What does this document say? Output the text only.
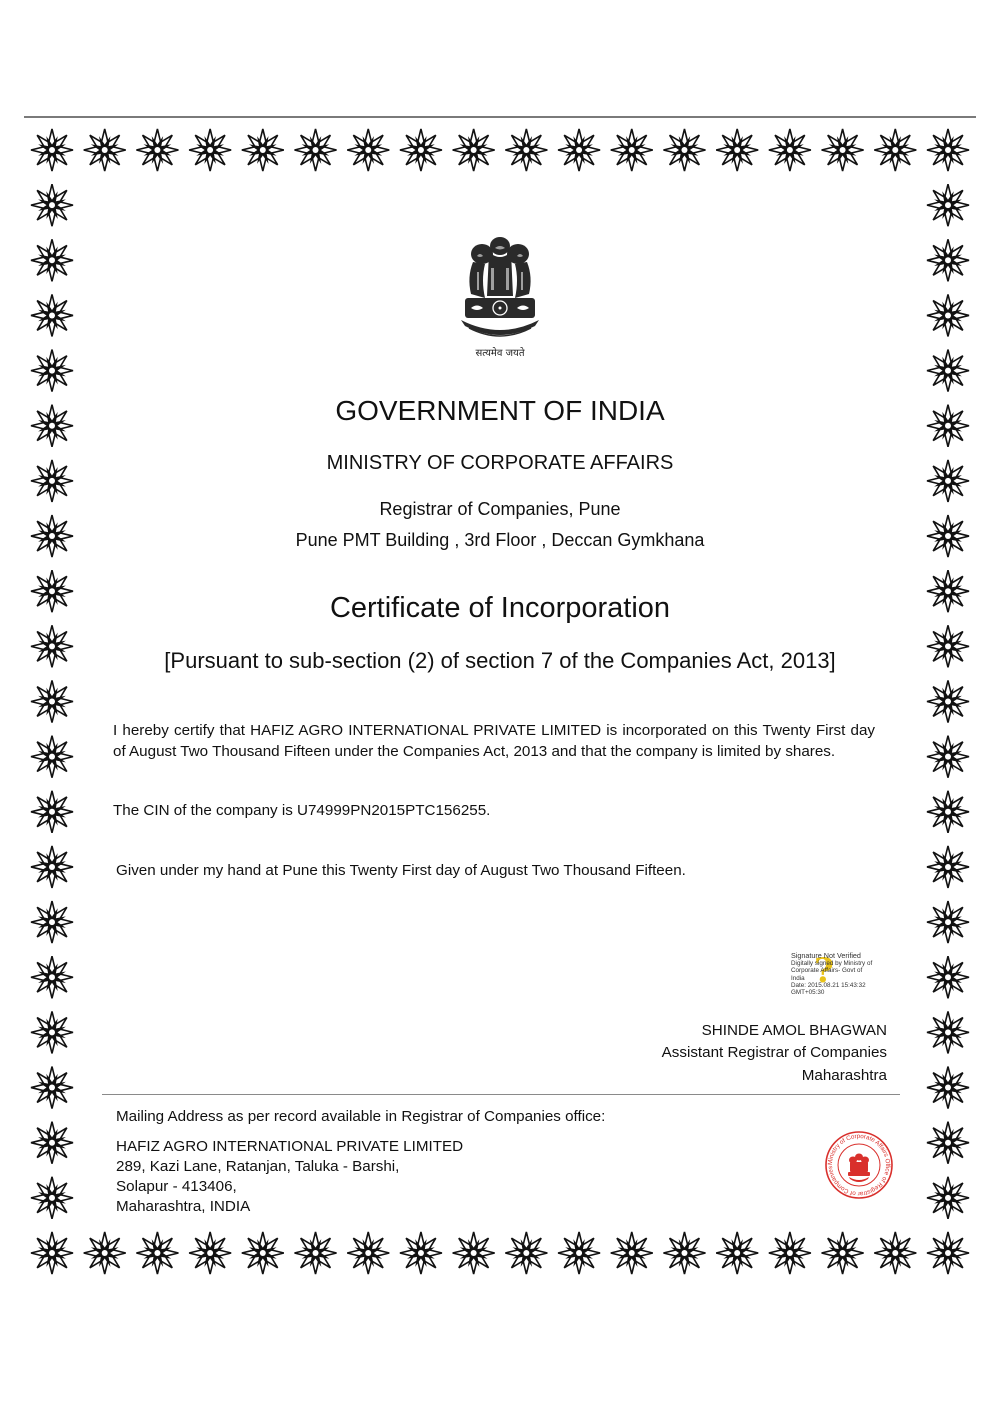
सत्यमेव जयते
GOVERNMENT OF INDIA
MINISTRY OF CORPORATE AFFAIRS
Registrar of Companies, Pune
Pune PMT Building , 3rd Floor , Deccan Gymkhana
Certificate of Incorporation
[Pursuant to sub-section (2) of section 7 of the Companies Act, 2013]
I hereby certify that HAFIZ AGRO INTERNATIONAL PRIVATE LIMITED is incorporated on this Twenty First day of August Two Thousand Fifteen under the Companies Act, 2013 and that the company is limited by shares.
The CIN of the company is U74999PN2015PTC156255.
Given under my hand at Pune this Twenty First day of August Two Thousand Fifteen.
?
Signature Not Verified
Digitally signed by Ministry of
Corporate Affairs- Govt of
India
Date: 2015.08.21 15:43:32
GMT+05:30
SHINDE AMOL BHAGWAN
Assistant Registrar of Companies
Maharashtra
Mailing Address as per record available in Registrar of Companies office:
HAFIZ AGRO INTERNATIONAL PRIVATE LIMITED
289, Kazi Lane, Ratanjan, Taluka - Barshi,
Solapur - 413406,
Maharashtra, INDIA
Ministry of Corporate Affairs Office of Registrar of Companies
